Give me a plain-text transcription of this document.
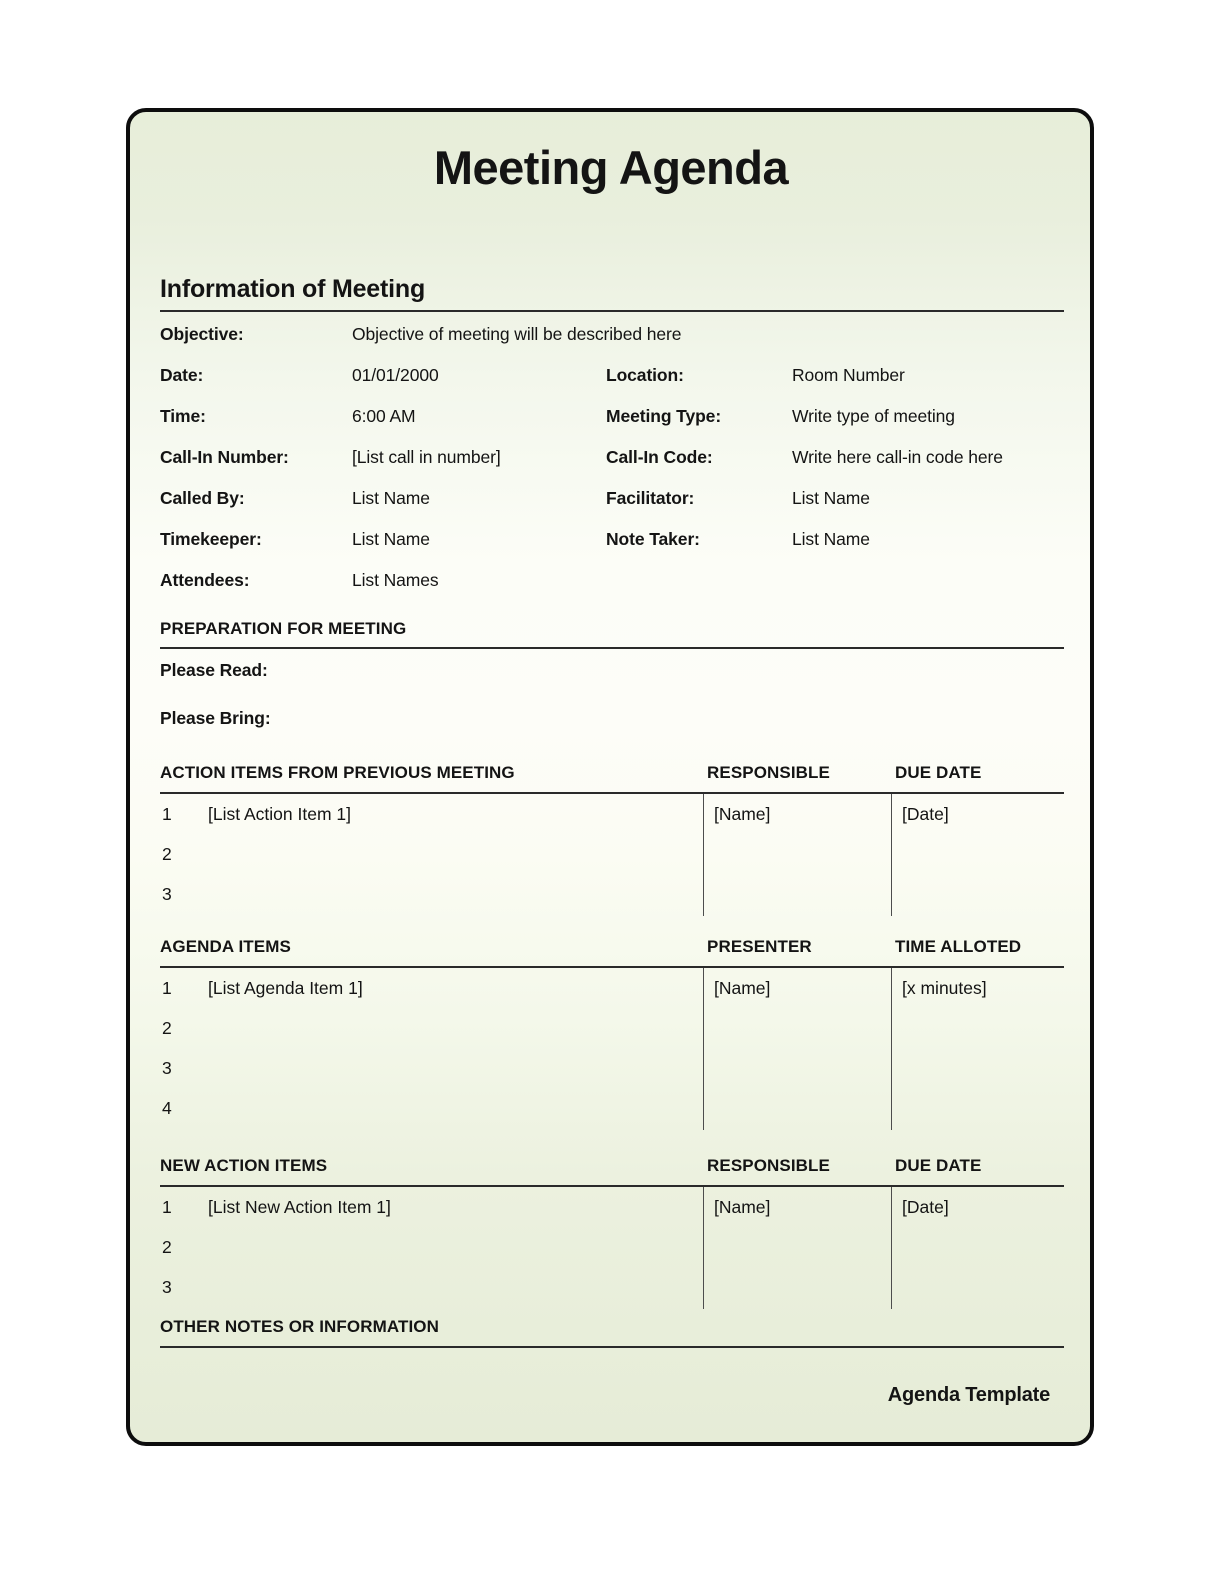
Meeting Agenda
Information of Meeting
Objective:	Objective of meeting will be described here
Date:	01/01/2000	Location:	Room Number
Time:	6:00 AM	Meeting Type:	Write type of meeting
Call-In Number:	[List call in number]	Call-In Code:	Write here call-in code here
Called By:	List Name	Facilitator:	List Name
Timekeeper:	List Name	Note Taker:	List Name
Attendees:	List Names
PREPARATION FOR MEETING
Please Read:
Please Bring:
ACTION ITEMS FROM PREVIOUS MEETING	RESPONSIBLE	DUE DATE
1 [List Action Item 1]	[Name]	[Date]
2
3
AGENDA ITEMS	PRESENTER	TIME ALLOTED
1 [List Agenda Item 1]	[Name]	[x minutes]
2
3
4
NEW ACTION ITEMS	RESPONSIBLE	DUE DATE
1 [List New Action Item 1]	[Name]	[Date]
2
3
OTHER NOTES OR INFORMATION
Agenda Template
